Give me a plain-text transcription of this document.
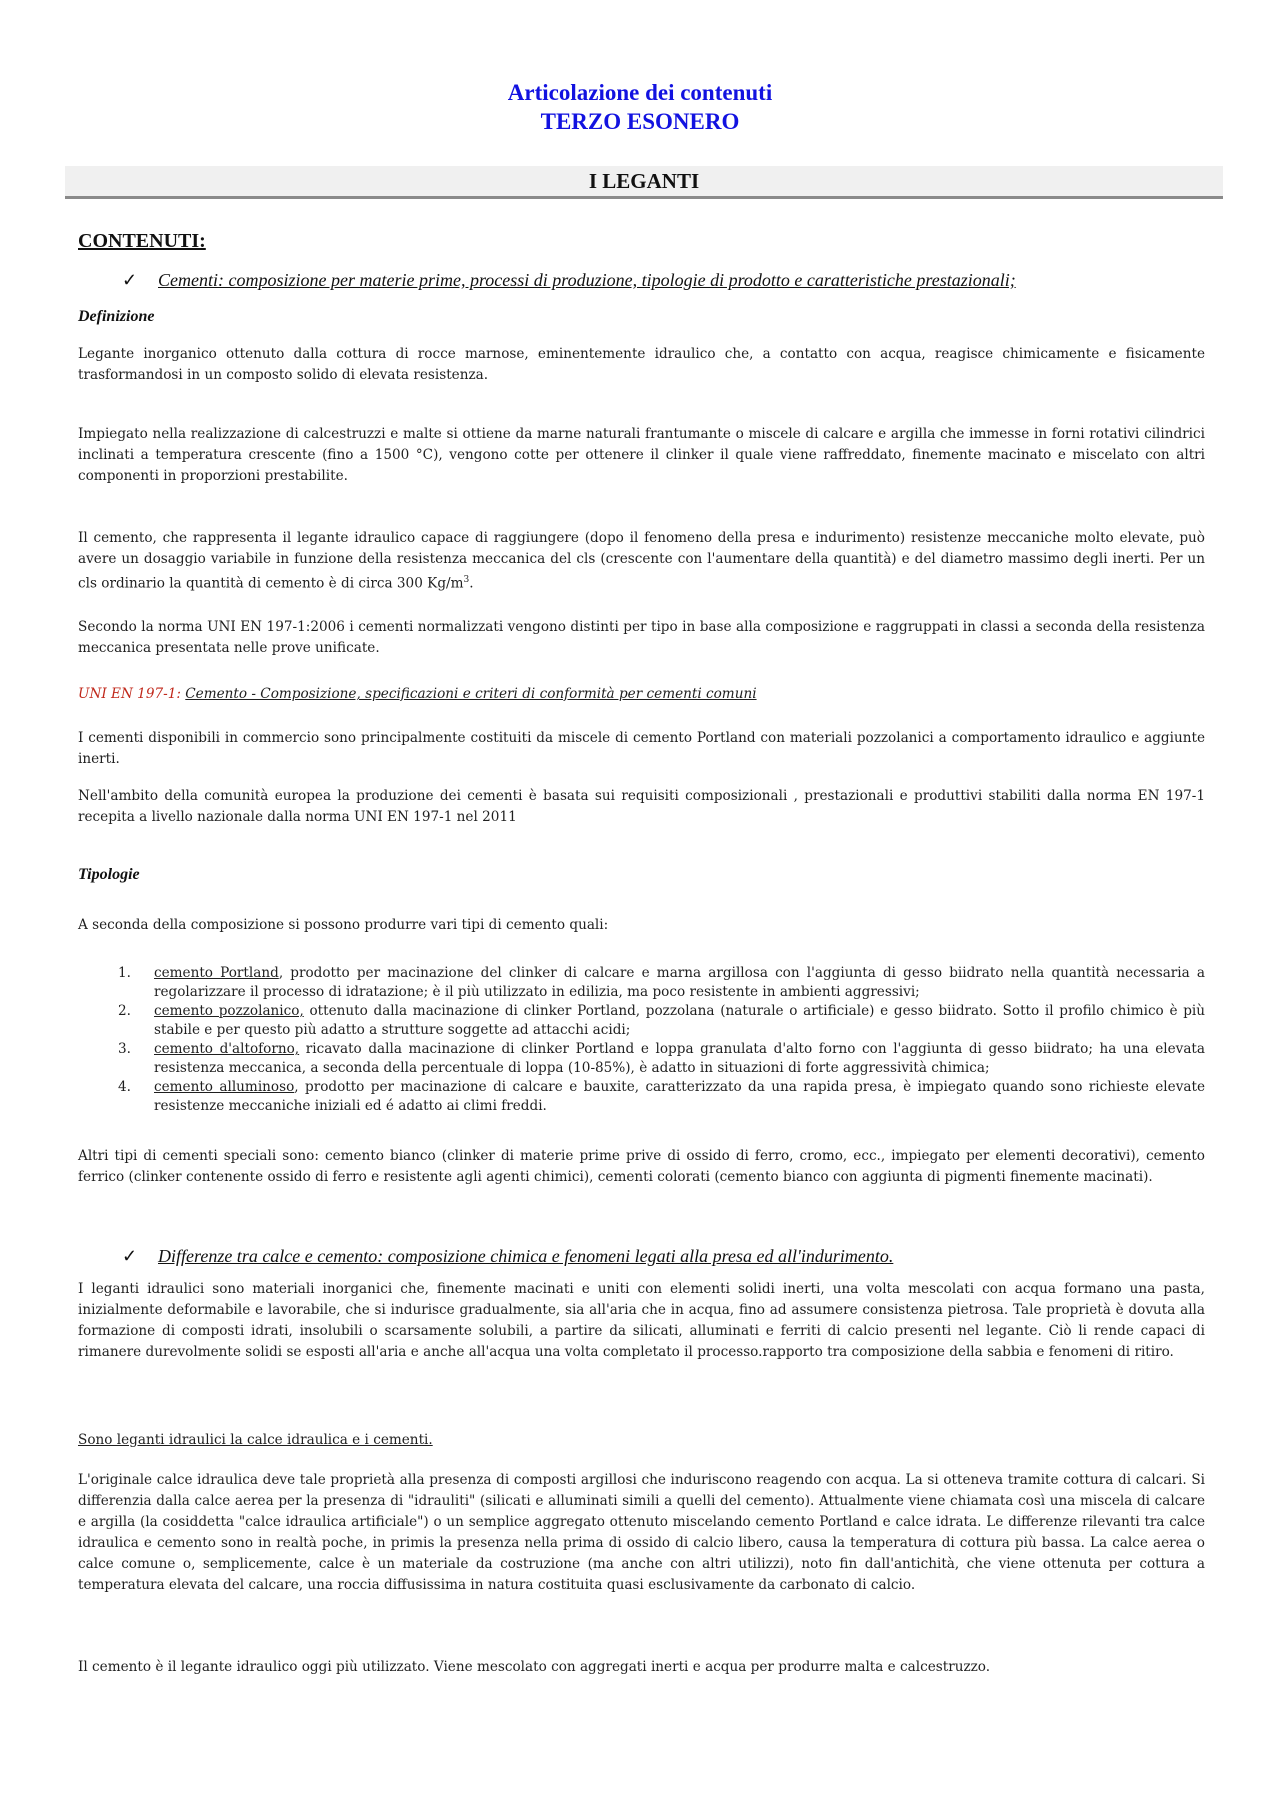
Articolazione dei contenuti
TERZO ESONERO
I LEGANTI
CONTENUTI:
✓ Cementi: composizione per materie prime, processi di produzione, tipologie di prodotto e caratteristiche prestazionali;
Definizione
Legante inorganico ottenuto dalla cottura di rocce marnose, eminentemente idraulico che, a contatto con acqua, reagisce chimicamente e fisicamente trasformandosi in un composto solido di elevata resistenza.
Impiegato nella realizzazione di calcestruzzi e malte si ottiene da marne naturali frantumante o miscele di calcare e argilla che immesse in forni rotativi cilindrici inclinati a temperatura crescente (fino a 1500 °C), vengono cotte per ottenere il clinker il quale viene raffreddato, finemente macinato e miscelato con altri componenti in proporzioni prestabilite.
Il cemento, che rappresenta il legante idraulico capace di raggiungere (dopo il fenomeno della presa e indurimento) resistenze meccaniche molto elevate, può avere un dosaggio variabile in funzione della resistenza meccanica del cls (crescente con l'aumentare della quantità) e del diametro massimo degli inerti. Per un cls ordinario la quantità di cemento è di circa 300 $Kg/m^3$.
Secondo la norma UNI EN 197-1:2006 i cementi normalizzati vengono distinti per tipo in base alla composizione e raggruppati in classi a seconda della resistenza meccanica presentata nelle prove unificate.
UNI EN 197-1: Cemento - Composizione, specificazioni e criteri di conformità per cementi comuni
I cementi disponibili in commercio sono principalmente costituiti da miscele di cemento Portland con materiali pozzolanici a comportamento idraulico e aggiunte inerti.
Nell'ambito della comunità europea la produzione dei cementi è basata sui requisiti composizionali , prestazionali e produttivi stabiliti dalla norma EN 197-1 recepita a livello nazionale dalla norma UNI EN 197-1 nel 2011
Tipologie
A seconda della composizione si possono produrre vari tipi di cemento quali:
1.	cemento Portland, prodotto per macinazione del clinker di calcare e marna argillosa con l'aggiunta di gesso biidrato nella quantità necessaria a regolarizzare il processo di idratazione; è il più utilizzato in edilizia, ma poco resistente in ambienti aggressivi;
2.	cemento pozzolanico, ottenuto dalla macinazione di clinker Portland, pozzolana (naturale o artificiale) e gesso biidrato. Sotto il profilo chimico è più stabile e per questo più adatto a strutture soggette ad attacchi acidi;
3.	cemento d'altoforno, ricavato dalla macinazione di clinker Portland e loppa granulata d'alto forno con l'aggiunta di gesso biidrato; ha una elevata resistenza meccanica, a seconda della percentuale di loppa (10-85%), è adatto in situazioni di forte aggressività chimica;
4.	cemento alluminoso, prodotto per macinazione di calcare e bauxite, caratterizzato da una rapida presa, è impiegato quando sono richieste elevate resistenze meccaniche iniziali ed é adatto ai climi freddi.
Altri tipi di cementi speciali sono: cemento bianco (clinker di materie prime prive di ossido di ferro, cromo, ecc., impiegato per elementi decorativi), cemento ferrico (clinker contenente ossido di ferro e resistente agli agenti chimici), cementi colorati (cemento bianco con aggiunta di pigmenti finemente macinati).
✓ Differenze tra calce e cemento: composizione chimica e fenomeni legati alla presa ed all'indurimento.
I leganti idraulici sono materiali inorganici che, finemente macinati e uniti con elementi solidi inerti, una volta mescolati con acqua formano una pasta, inizialmente deformabile e lavorabile, che si indurisce gradualmente, sia all'aria che in acqua, fino ad assumere consistenza pietrosa. Tale proprietà è dovuta alla formazione di composti idrati, insolubili o scarsamente solubili, a partire da silicati, alluminati e ferriti di calcio presenti nel legante. Ciò li rende capaci di rimanere durevolmente solidi se esposti all'aria e anche all'acqua una volta completato il processo.rapporto tra composizione della sabbia e fenomeni di ritiro.
Sono leganti idraulici la calce idraulica e i cementi.
L'originale calce idraulica deve tale proprietà alla presenza di composti argillosi che induriscono reagendo con acqua. La si otteneva tramite cottura di calcari. Si differenzia dalla calce aerea per la presenza di "idrauliti" (silicati e alluminati simili a quelli del cemento). Attualmente viene chiamata così una miscela di calcare e argilla (la cosiddetta "calce idraulica artificiale") o un semplice aggregato ottenuto miscelando cemento Portland e calce idrata. Le differenze rilevanti tra calce idraulica e cemento sono in realtà poche, in primis la presenza nella prima di ossido di calcio libero, causa la temperatura di cottura più bassa. La calce aerea o calce comune o, semplicemente, calce è un materiale da costruzione (ma anche con altri utilizzi), noto fin dall'antichità, che viene ottenuta per cottura a temperatura elevata del calcare, una roccia diffusissima in natura costituita quasi esclusivamente da carbonato di calcio.
Il cemento è il legante idraulico oggi più utilizzato. Viene mescolato con aggregati inerti e acqua per produrre malta e calcestruzzo.
